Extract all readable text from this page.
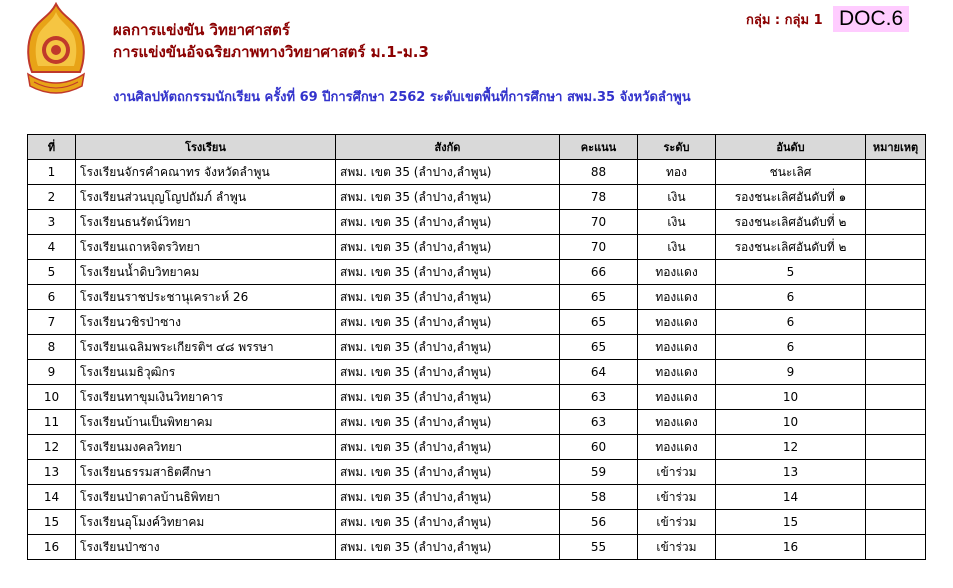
ผลการแข่งขัน วิทยาศาสตร์
การแข่งขันอัจฉริยภาพทางวิทยาศาสตร์ ม.1-ม.3
งานศิลปหัตถกรรมนักเรียน ครั้งที่ 69 ปีการศึกษา 2562 ระดับเขตพื้นที่การศึกษา สพม.35 จังหวัดลำพูน
กลุ่ม : กลุ่ม 1 DOC.6
ที่	โรงเรียน	สังกัด	คะแนน	ระดับ	อันดับ	หมายเหตุ
1	โรงเรียนจักรคำคณาทร จังหวัดลำพูน	สพม. เขต 35 (ลำปาง,ลำพูน)	88	ทอง	ชนะเลิศ	
2	โรงเรียนส่วนบุญโญปถัมภ์ ลำพูน	สพม. เขต 35 (ลำปาง,ลำพูน)	78	เงิน	รองชนะเลิศอันดับที่ ๑	
3	โรงเรียนธนรัตน์วิทยา	สพม. เขต 35 (ลำปาง,ลำพูน)	70	เงิน	รองชนะเลิศอันดับที่ ๒	
4	โรงเรียนเถาหจิตรวิทยา	สพม. เขต 35 (ลำปาง,ลำพูน)	70	เงิน	รองชนะเลิศอันดับที่ ๒	
5	โรงเรียนน้ำดิบวิทยาคม	สพม. เขต 35 (ลำปาง,ลำพูน)	66	ทองแดง	5	
6	โรงเรียนราชประชานุเคราะห์ 26	สพม. เขต 35 (ลำปาง,ลำพูน)	65	ทองแดง	6	
7	โรงเรียนวชิรป่าซาง	สพม. เขต 35 (ลำปาง,ลำพูน)	65	ทองแดง	6	
8	โรงเรียนเฉลิมพระเกียรติฯ ๔๘ พรรษา	สพม. เขต 35 (ลำปาง,ลำพูน)	65	ทองแดง	6	
9	โรงเรียนเมธิวุฒิกร	สพม. เขต 35 (ลำปาง,ลำพูน)	64	ทองแดง	9	
10	โรงเรียนทาขุมเงินวิทยาคาร	สพม. เขต 35 (ลำปาง,ลำพูน)	63	ทองแดง	10	
11	โรงเรียนบ้านเป็นพิทยาคม	สพม. เขต 35 (ลำปาง,ลำพูน)	63	ทองแดง	10	
12	โรงเรียนมงคลวิทยา	สพม. เขต 35 (ลำปาง,ลำพูน)	60	ทองแดง	12	
13	โรงเรียนธรรมสาธิตศึกษา	สพม. เขต 35 (ลำปาง,ลำพูน)	59	เข้าร่วม	13	
14	โรงเรียนป่าตาลบ้านธิพิทยา	สพม. เขต 35 (ลำปาง,ลำพูน)	58	เข้าร่วม	14	
15	โรงเรียนอุโมงค์วิทยาคม	สพม. เขต 35 (ลำปาง,ลำพูน)	56	เข้าร่วม	15	
16	โรงเรียนป่าซาง	สพม. เขต 35 (ลำปาง,ลำพูน)	55	เข้าร่วม	16	
